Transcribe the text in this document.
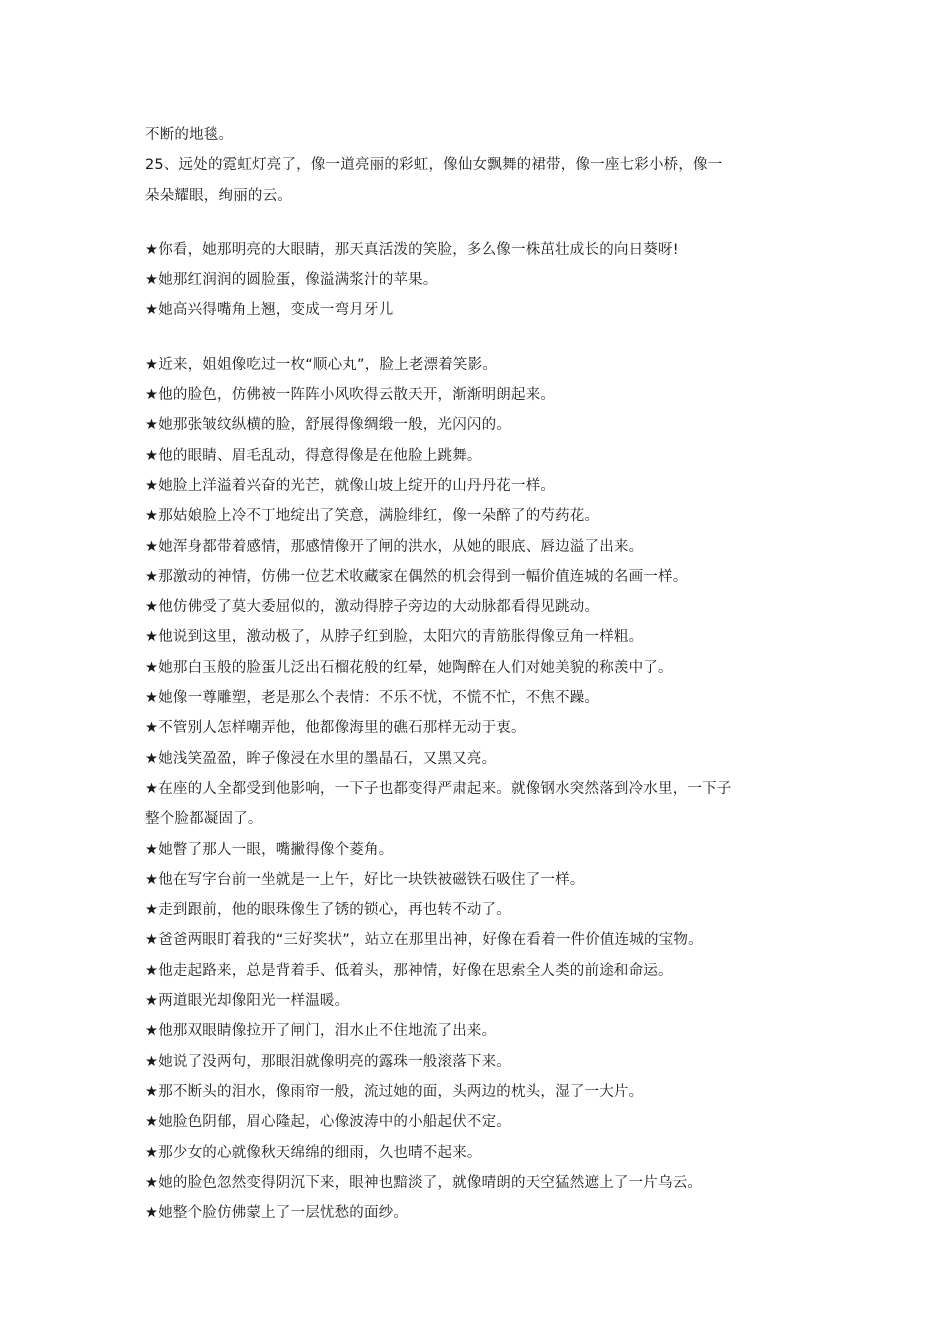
不断的地毯。
25、远处的霓虹灯亮了，像一道亮丽的彩虹，像仙女飘舞的裙带，像一座七彩小桥，像一
朵朵耀眼，绚丽的云。
★你看，她那明亮的大眼睛，那天真活泼的笑脸，多么像一株茁壮成长的向日葵呀!
★她那红润润的圆脸蛋，像溢满浆汁的苹果。
★她高兴得嘴角上翘，变成一弯月牙儿
★近来，姐姐像吃过一枚“顺心丸”，脸上老漂着笑影。
★他的脸色，仿佛被一阵阵小风吹得云散天开，渐渐明朗起来。
★她那张皱纹纵横的脸，舒展得像绸缎一般，光闪闪的。
★他的眼睛、眉毛乱动，得意得像是在他脸上跳舞。
★她脸上洋溢着兴奋的光芒，就像山坡上绽开的山丹丹花一样。
★那姑娘脸上冷不丁地绽出了笑意，满脸绯红，像一朵醉了的芍药花。
★她浑身都带着感情，那感情像开了闸的洪水，从她的眼底、唇边溢了出来。
★那激动的神情，仿佛一位艺术收藏家在偶然的机会得到一幅价值连城的名画一样。
★他仿佛受了莫大委屈似的，激动得脖子旁边的大动脉都看得见跳动。
★他说到这里，激动极了，从脖子红到脸，太阳穴的青筋胀得像豆角一样粗。
★她那白玉般的脸蛋儿泛出石榴花般的红晕，她陶醉在人们对她美貌的称羡中了。
★她像一尊雕塑，老是那么个表情：不乐不忧，不慌不忙，不焦不躁。
★不管别人怎样嘲弄他，他都像海里的礁石那样无动于衷。
★她浅笑盈盈，眸子像浸在水里的墨晶石，又黑又亮。
★在座的人全都受到他影响，一下子也都变得严肃起来。就像钢水突然落到冷水里，一下子
整个脸都凝固了。
★她瞥了那人一眼，嘴撇得像个菱角。
★他在写字台前一坐就是一上午，好比一块铁被磁铁石吸住了一样。
★走到跟前，他的眼珠像生了锈的锁心，再也转不动了。
★爸爸两眼盯着我的“三好奖状”，站立在那里出神，好像在看着一件价值连城的宝物。
★他走起路来，总是背着手、低着头，那神情，好像在思索全人类的前途和命运。
★两道眼光却像阳光一样温暖。
★他那双眼睛像拉开了闸门，泪水止不住地流了出来。
★她说了没两句，那眼泪就像明亮的露珠一般滚落下来。
★那不断头的泪水，像雨帘一般，流过她的面，头两边的枕头，湿了一大片。
★她脸色阴郁，眉心隆起，心像波涛中的小船起伏不定。
★那少女的心就像秋天绵绵的细雨，久也晴不起来。
★她的脸色忽然变得阴沉下来，眼神也黯淡了，就像晴朗的天空猛然遮上了一片乌云。
★她整个脸仿佛蒙上了一层忧愁的面纱。
